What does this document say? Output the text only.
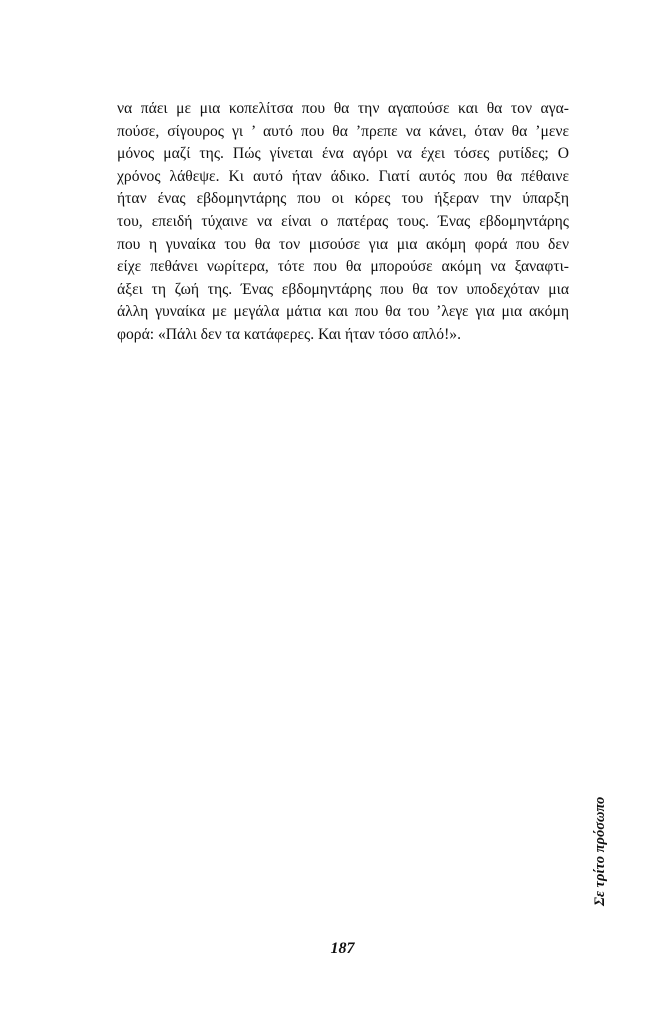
να πάει με μια κοπελίτσα που θα την αγαπούσε και θα τον αγα-
πούσε, σίγουρος γι ’ αυτό που θα ’πρεπε να κάνει, όταν θα ’μενε
μόνος μαζί της. Πώς γίνεται ένα αγόρι να έχει τόσες ρυτίδες; Ο
χρόνος λάθεψε. Κι αυτό ήταν άδικο. Γιατί αυτός που θα πέθαινε
ήταν ένας εβδομηντάρης που οι κόρες του ήξεραν την ύπαρξη
του, επειδή τύχαινε να είναι ο πατέρας τους. Ένας εβδομηντάρης
που η γυναίκα του θα τον μισούσε για μια ακόμη φορά που δεν
είχε πεθάνει νωρίτερα, τότε που θα μπορούσε ακόμη να ξαναφτι-
άξει τη ζωή της. Ένας εβδομηντάρης που θα τον υποδεχόταν μια
άλλη γυναίκα με μεγάλα μάτια και που θα του ’λεγε για μια ακόμη
φορά: «Πάλι δεν τα κατάφερες. Και ήταν τόσο απλό!».
Σε τρίτο πρόσωπο
187
